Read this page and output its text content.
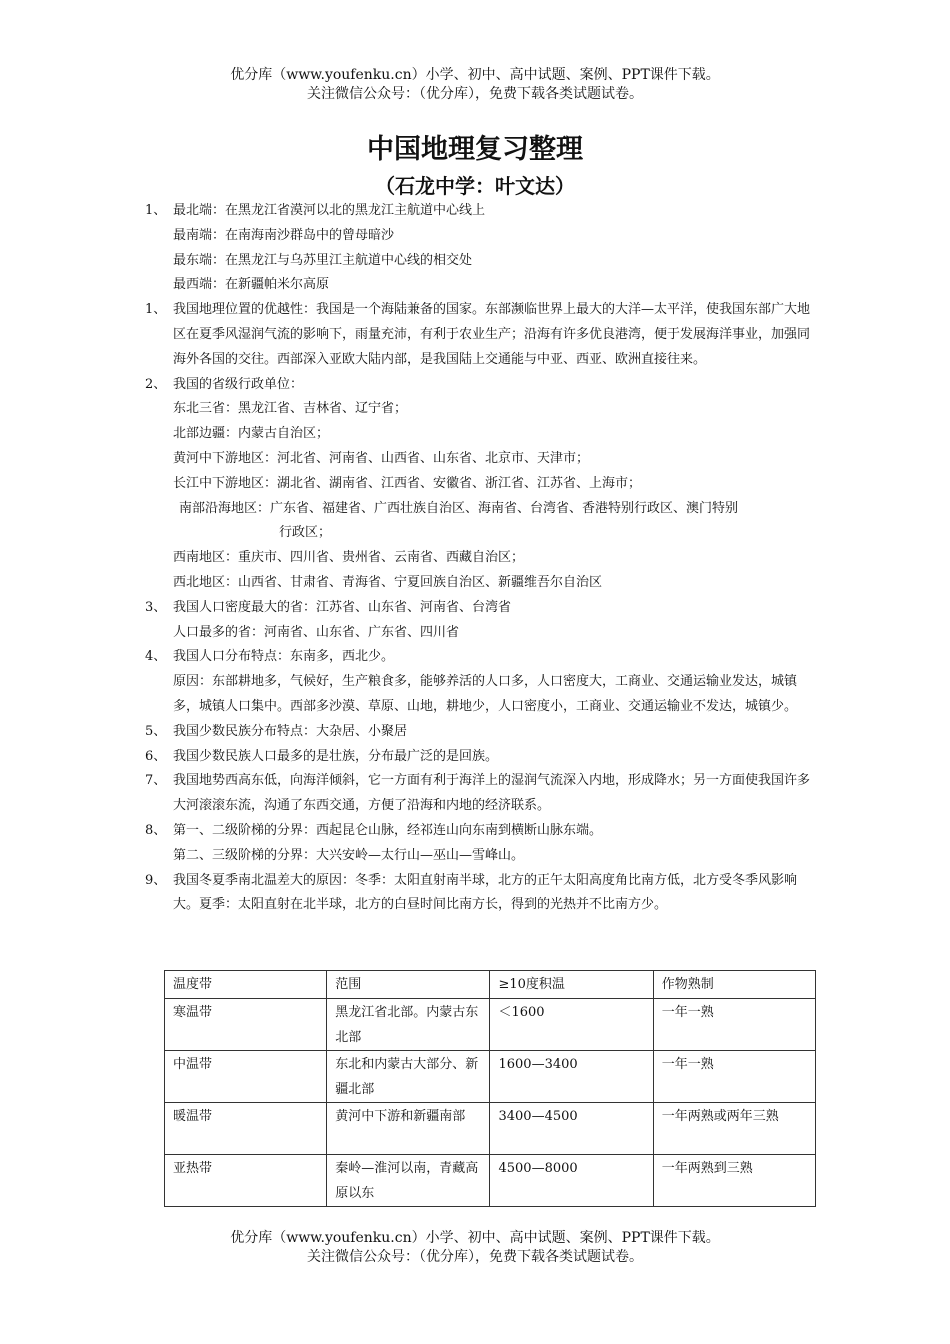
优分库（www.youfenku.cn）小学、初中、高中试题、案例、PPT课件下载。
关注微信公众号：（优分库），免费下载各类试题试卷。
中国地理复习整理
（石龙中学：叶文达）
1、 最北端：在黑龙江省漠河以北的黑龙江主航道中心线上
最南端：在南海南沙群岛中的曾母暗沙
最东端：在黑龙江与乌苏里江主航道中心线的相交处
最西端：在新疆帕米尔高原
1、 我国地理位置的优越性：我国是一个海陆兼备的国家。东部濒临世界上最大的大洋—太平洋，使我国东部广大地区在夏季风湿润气流的影响下，雨量充沛，有利于农业生产；沿海有许多优良港湾，便于发展海洋事业，加强同海外各国的交往。西部深入亚欧大陆内部，是我国陆上交通能与中亚、西亚、欧洲直接往来。
2、 我国的省级行政单位：
东北三省：黑龙江省、吉林省、辽宁省；
北部边疆：内蒙古自治区；
黄河中下游地区：河北省、河南省、山西省、山东省、北京市、天津市；
长江中下游地区：湖北省、湖南省、江西省、安徽省、浙江省、江苏省、上海市；
南部沿海地区：广东省、福建省、广西壮族自治区、海南省、台湾省、香港特别行政区、澳门特别
行政区；
西南地区：重庆市、四川省、贵州省、云南省、西藏自治区；
西北地区：山西省、甘肃省、青海省、宁夏回族自治区、新疆维吾尔自治区
3、 我国人口密度最大的省：江苏省、山东省、河南省、台湾省
人口最多的省：河南省、山东省、广东省、四川省
4、 我国人口分布特点：东南多，西北少。
原因：东部耕地多，气候好，生产粮食多，能够养活的人口多，人口密度大，工商业、交通运输业发达，城镇多，城镇人口集中。西部多沙漠、草原、山地，耕地少，人口密度小，工商业、交通运输业不发达，城镇少。
5、 我国少数民族分布特点：大杂居、小聚居
6、 我国少数民族人口最多的是壮族，分布最广泛的是回族。
7、 我国地势西高东低，向海洋倾斜，它一方面有利于海洋上的湿润气流深入内地，形成降水；另一方面使我国许多大河滚滚东流，沟通了东西交通，方便了沿海和内地的经济联系。
8、 第一、二级阶梯的分界：西起昆仑山脉，经祁连山向东南到横断山脉东端。
第二、三级阶梯的分界：大兴安岭—太行山—巫山—雪峰山。
9、 我国冬夏季南北温差大的原因：冬季：太阳直射南半球，北方的正午太阳高度角比南方低，北方受冬季风影响大。夏季：太阳直射在北半球，北方的白昼时间比南方长，得到的光热并不比南方少。
温度带	范围	≥10度积温	作物熟制
寒温带	黑龙江省北部。内蒙古东北部	＜1600	一年一熟
中温带	东北和内蒙古大部分、新疆北部	1600—3400	一年一熟
暖温带	黄河中下游和新疆南部	3400—4500	一年两熟或两年三熟
亚热带	秦岭—淮河以南，青藏高原以东	4500—8000	一年两熟到三熟
优分库（www.youfenku.cn）小学、初中、高中试题、案例、PPT课件下载。
关注微信公众号：（优分库），免费下载各类试题试卷。
